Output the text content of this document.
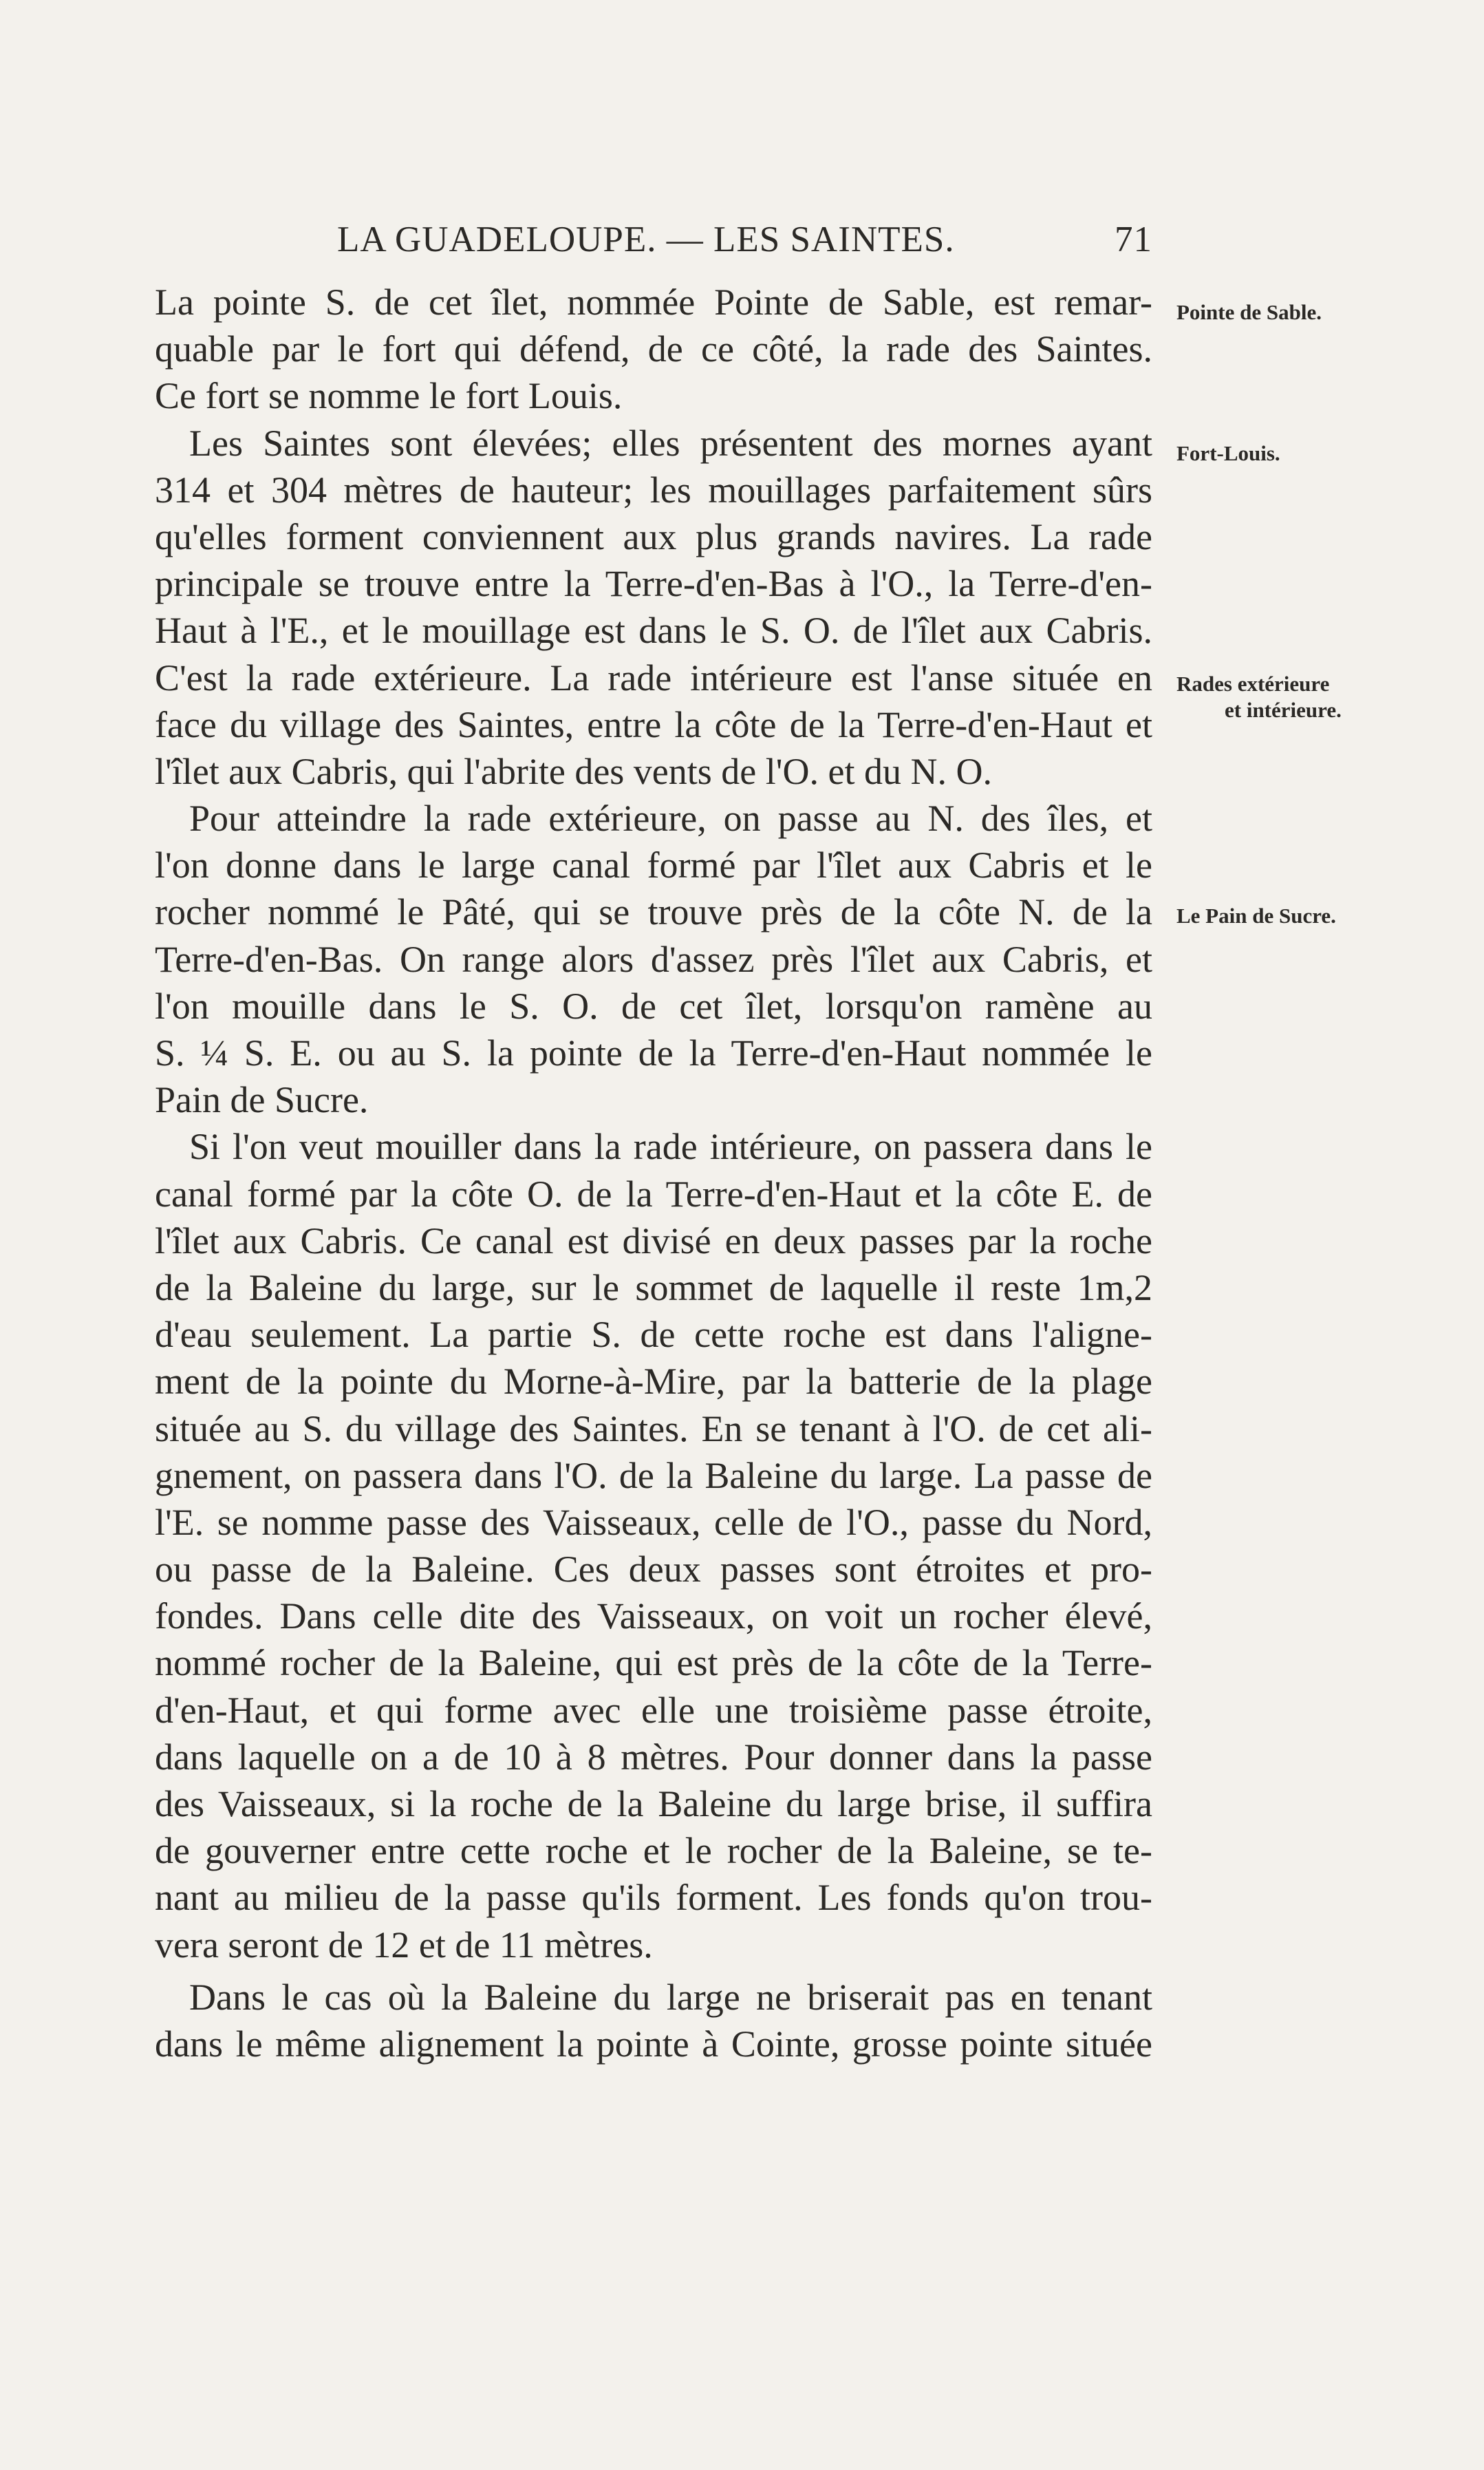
LA GUADELOUPE. — LES SAINTES.	71
Pointe de Sable.
Fort-Louis.
Rades extérieure
et intérieure.
Le Pain de Sucre.
La pointe S. de cet îlet, nommée Pointe de Sable, est remar-
quable par le fort qui défend, de ce côté, la rade des Saintes.
Ce fort se nomme le fort Louis.
Les Saintes sont élevées; elles présentent des mornes ayant
314 et 304 mètres de hauteur; les mouillages parfaitement sûrs
qu'elles forment conviennent aux plus grands navires. La rade
principale se trouve entre la Terre-d'en-Bas à l'O., la Terre-d'en-
Haut à l'E., et le mouillage est dans le S. O. de l'îlet aux Cabris.
C'est la rade extérieure. La rade intérieure est l'anse située en
face du village des Saintes, entre la côte de la Terre-d'en-Haut et
l'îlet aux Cabris, qui l'abrite des vents de l'O. et du N. O.
Pour atteindre la rade extérieure, on passe au N. des îles, et
l'on donne dans le large canal formé par l'îlet aux Cabris et le
rocher nommé le Pâté, qui se trouve près de la côte N. de la
Terre-d'en-Bas. On range alors d'assez près l'îlet aux Cabris, et
l'on mouille dans le S. O. de cet îlet, lorsqu'on ramène au
S. ¼ S. E. ou au S. la pointe de la Terre-d'en-Haut nommée le
Pain de Sucre.
Si l'on veut mouiller dans la rade intérieure, on passera dans le
canal formé par la côte O. de la Terre-d'en-Haut et la côte E. de
l'îlet aux Cabris. Ce canal est divisé en deux passes par la roche
de la Baleine du large, sur le sommet de laquelle il reste 1m,2
d'eau seulement. La partie S. de cette roche est dans l'aligne-
ment de la pointe du Morne-à-Mire, par la batterie de la plage
située au S. du village des Saintes. En se tenant à l'O. de cet ali-
gnement, on passera dans l'O. de la Baleine du large. La passe de
l'E. se nomme passe des Vaisseaux, celle de l'O., passe du Nord,
ou passe de la Baleine. Ces deux passes sont étroites et pro-
fondes. Dans celle dite des Vaisseaux, on voit un rocher élevé,
nommé rocher de la Baleine, qui est près de la côte de la Terre-
d'en-Haut, et qui forme avec elle une troisième passe étroite,
dans laquelle on a de 10 à 8 mètres. Pour donner dans la passe
des Vaisseaux, si la roche de la Baleine du large brise, il suffira
de gouverner entre cette roche et le rocher de la Baleine, se te-
nant au milieu de la passe qu'ils forment. Les fonds qu'on trou-
vera seront de 12 et de 11 mètres.
Dans le cas où la Baleine du large ne briserait pas en tenant
dans le même alignement la pointe à Cointe, grosse pointe située
